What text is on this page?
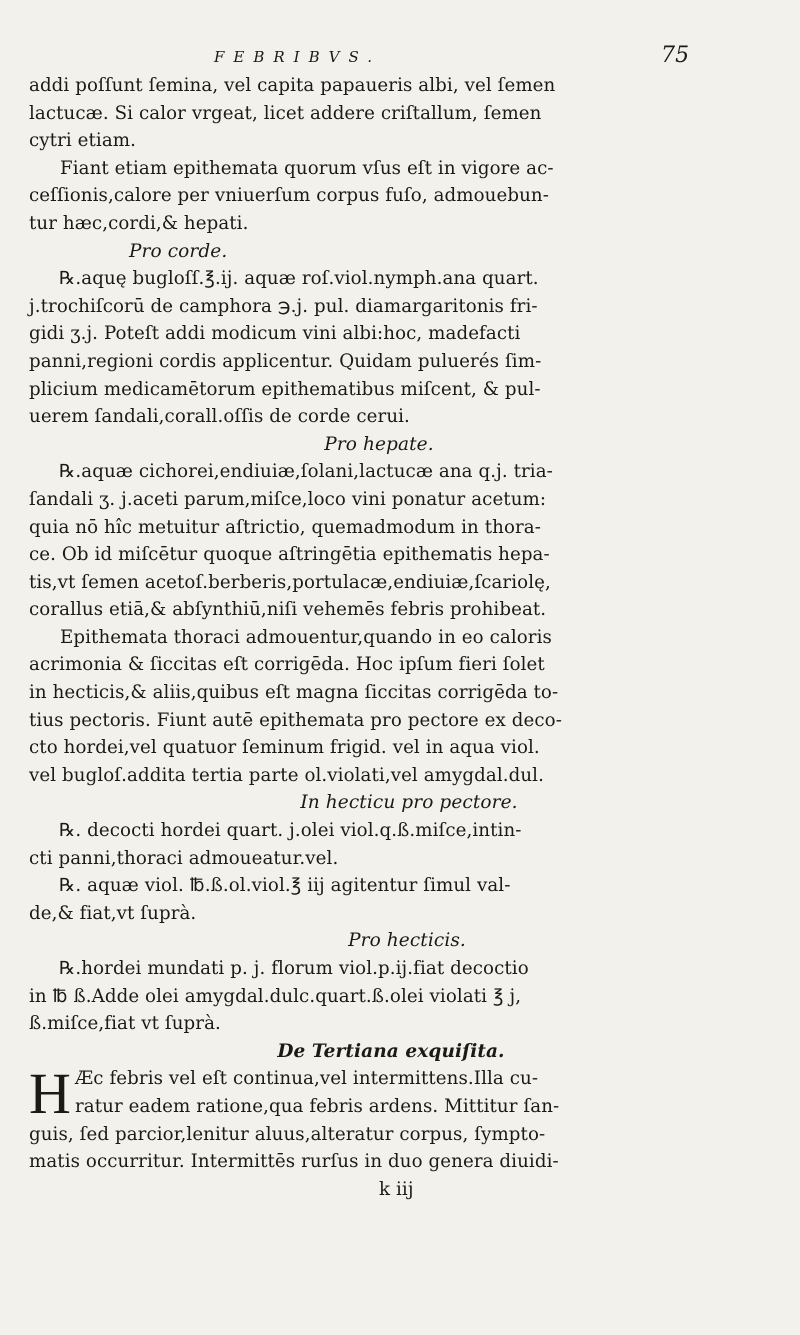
FEBRIBVS.	75
addi poſſunt ſemina, vel capita papaueris albi, vel ſemen
lactucæ. Si calor vrgeat, licet addere criſtallum, ſemen
cytri etiam.
Fiant etiam epithemata quorum vſus eſt in vigore ac-
ceſſionis,calore per vniuerſum corpus fuſo, admouebun-
tur hæc,cordi,& hepati.
Pro corde.
℞.aquę bugloſſ.℥.ij. aquæ roſ.viol.nymph.ana quart.
j.trochiſcorū de camphora ℈.j. pul. diamargaritonis fri-
gidi ʒ.j. Poteſt addi modicum vini albi:hoc, madefacti
panni,regioni cordis applicentur. Quidam puluerés ſim-
plicium medicamētorum epithematibus miſcent, & pul-
uerem ſandali,corall.oſſis de corde cerui.
Pro hepate.
℞.aquæ cichorei,endiuiæ,ſolani,lactucæ ana q.j. tria-
ſandali ʒ. j.aceti parum,miſce,loco vini ponatur acetum:
quia nō hîc metuitur aſtrictio, quemadmodum in thora-
ce. Ob id miſcētur quoque aſtringētia epithematis hepa-
tis,vt ſemen acetoſ.berberis,portulacæ,endiuiæ,ſcariolę,
corallus etiā,& abſynthiū,niſi vehemēs febris prohibeat.
Epithemata thoraci admouentur,quando in eo caloris
acrimonia & ſiccitas eſt corrigēda. Hoc ipſum fieri ſolet
in hecticis,& aliis,quibus eſt magna ſiccitas corrigēda to-
tius pectoris. Fiunt autē epithemata pro pectore ex deco-
cto hordei,vel quatuor ſeminum frigid. vel in aqua viol.
vel bugloſ.addita tertia parte ol.violati,vel amygdal.dul.
In hecticu pro pectore.
℞. decocti hordei quart. j.olei viol.q.ß.miſce,intin-
cti panni,thoraci admoueatur.vel.
℞. aquæ viol. ℔.ß.ol.viol.℥ iij agitentur ſimul val-
de,& fiat,vt ſuprà.
Pro hecticis.
℞.hordei mundati p. j. florum viol.p.ij.fiat decoctio
in ℔ ß.Adde olei amygdal.dulc.quart.ß.olei violati ℥ j,
ß.miſce,fiat vt ſuprà.
De Tertiana exquiſita.
H Æc febris vel eſt continua,vel intermittens.Illa cu-
ratur eadem ratione,qua febris ardens. Mittitur ſan-
guis, ſed parcior,lenitur aluus,alteratur corpus, ſympto-
matis occurritur. Intermittēs rurſus in duo genera diuidi-
k iij
